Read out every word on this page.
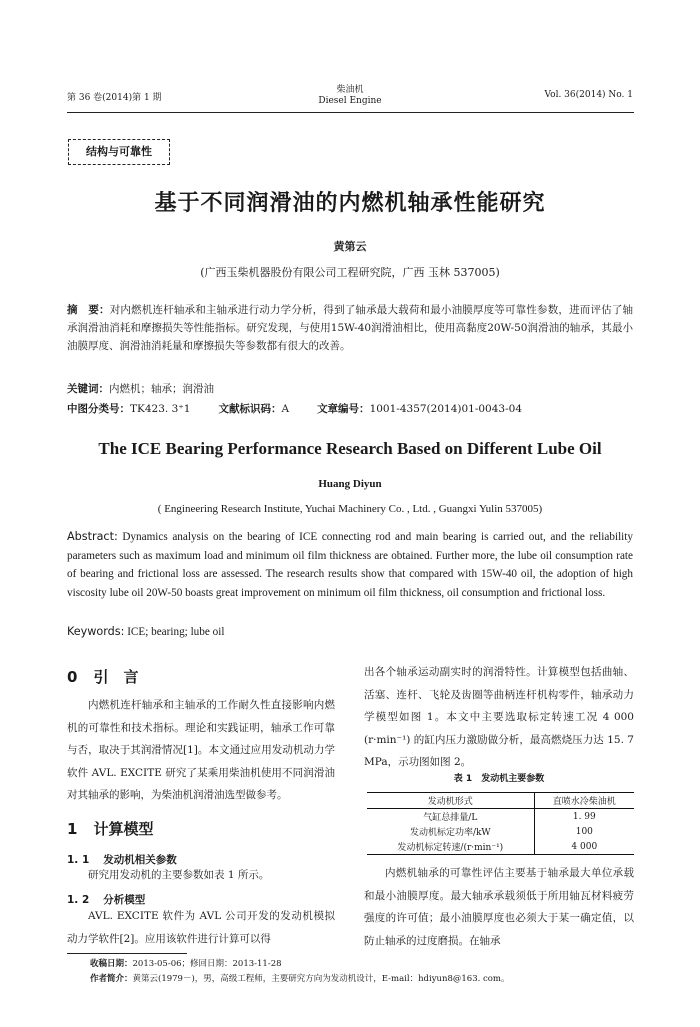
第 36 卷(2014)第 1 期
柴油机
Diesel Engine
Vol. 36(2014) No. 1
结构与可靠性
基于不同润滑油的内燃机轴承性能研究
黄第云
(广西玉柴机器股份有限公司工程研究院，广西 玉林 537005)
摘　要：对内燃机连杆轴承和主轴承进行动力学分析，得到了轴承最大载荷和最小油膜厚度等可靠性参数，进而评估了轴承润滑油消耗和摩擦损失等性能指标。研究发现，与使用15W-40润滑油相比，使用高黏度20W-50润滑油的轴承，其最小油膜厚度、润滑油消耗量和摩擦损失等参数都有很大的改善。
关键词：内燃机；轴承；润滑油
中图分类号：TK423. 3⁺1	文献标识码：A	文章编号：1001-4357(2014)01-0043-04
The ICE Bearing Performance Research Based on Different Lube Oil
Huang Diyun
( Engineering Research Institute, Yuchai Machinery Co. , Ltd. , Guangxi Yulin 537005)
Abstract: Dynamics analysis on the bearing of ICE connecting rod and main bearing is carried out, and the reliability parameters such as maximum load and minimum oil film thickness are obtained. Further more, the lube oil consumption rate of bearing and frictional loss are assessed. The research results show that compared with 15W-40 oil, the adoption of high viscosity lube oil 20W-50 boasts great improvement on minimum oil film thickness, oil consumption and frictional loss.
Keywords: ICE; bearing; lube oil
0 引　言
内燃机连杆轴承和主轴承的工作耐久性直接影响内燃机的可靠性和技术指标。理论和实践证明，轴承工作可靠与否，取决于其润滑情况[1]。本文通过应用发动机动力学软件 AVL. EXCITE 研究了某乘用柴油机使用不同润滑油对其轴承的影响，为柴油机润滑油选型做参考。
1 计算模型
1. 1 发动机相关参数
研究用发动机的主要参数如表 1 所示。
1. 2 分析模型
AVL. EXCITE 软件为 AVL 公司开发的发动机模拟动力学软件[2]。应用该软件进行计算可以得
出各个轴承运动副实时的润滑特性。计算模型包括曲轴、活塞、连杆、飞轮及齿圈等曲柄连杆机构零件，轴承动力学模型如图 1。本文中主要选取标定转速工况 4 000 (r·min⁻¹) 的缸内压力激励做分析，最高燃烧压力达 15. 7 MPa，示功图如图 2。
表 1　发动机主要参数
发动机形式	直喷水冷柴油机
气缸总排量/L	1. 99
发动机标定功率/kW	100
发动机标定转速/(r·min⁻¹)	4 000
内燃机轴承的可靠性评估主要基于轴承最大单位承载和最小油膜厚度。最大轴承承载须低于所用轴瓦材料疲劳强度的许可值；最小油膜厚度也必须大于某一确定值，以防止轴承的过度磨损。在轴承
收稿日期：2013-05-06；修回日期：2013-11-28
作者简介：黄第云(1979－)，男，高级工程师，主要研究方向为发动机设计，E-mail：hdiyun8@163. com。
